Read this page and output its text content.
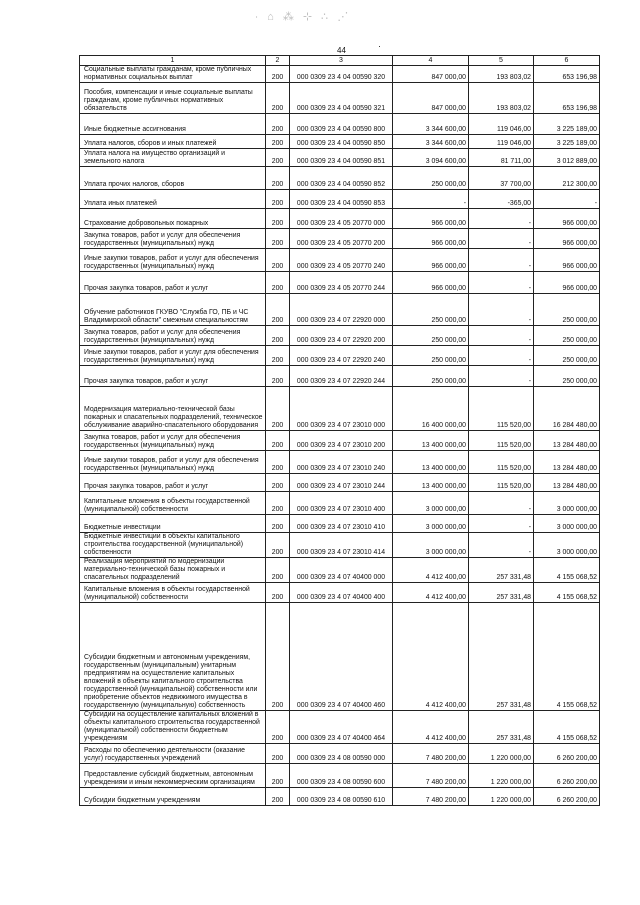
∙ ⌂ ⁂ ⊹ ∴ ⋰
44	·
1	2	3	4	5	6
Социальные выплаты гражданам, кроме публичных нормативных социальных выплат	200	000 0309 23 4 04 00590 320	847 000,00	193 803,02	653 196,98
Пособия, компенсации и иные социальные выплаты гражданам, кроме публичных нормативных обязательств	200	000 0309 23 4 04 00590 321	847 000,00	193 803,02	653 196,98
Иные бюджетные ассигнования	200	000 0309 23 4 04 00590 800	3 344 600,00	119 046,00	3 225 189,00
Уплата налогов, сборов и иных платежей	200	000 0309 23 4 04 00590 850	3 344 600,00	119 046,00	3 225 189,00
Уплата налога на имущество организаций и земельного налога	200	000 0309 23 4 04 00590 851	3 094 600,00	81 711,00	3 012 889,00
Уплата прочих налогов, сборов	200	000 0309 23 4 04 00590 852	250 000,00	37 700,00	212 300,00
Уплата иных платежей	200	000 0309 23 4 04 00590 853	-	-365,00	-
Страхование добровольных пожарных	200	000 0309 23 4 05 20770 000	966 000,00	-	966 000,00
Закупка товаров, работ и услуг для обеспечения государственных (муниципальных) нужд	200	000 0309 23 4 05 20770 200	966 000,00	-	966 000,00
Иные закупки товаров, работ и услуг для обеспечения государственных (муниципальных) нужд	200	000 0309 23 4 05 20770 240	966 000,00	-	966 000,00
Прочая закупка товаров, работ и услуг	200	000 0309 23 4 05 20770 244	966 000,00	-	966 000,00
Обучение работников ГКУВО "Служба ГО, ПБ и ЧС Владимирской области" смежным специальностям	200	000 0309 23 4 07 22920 000	250 000,00	-	250 000,00
Закупка товаров, работ и услуг для обеспечения государственных (муниципальных) нужд	200	000 0309 23 4 07 22920 200	250 000,00	-	250 000,00
Иные закупки товаров, работ и услуг для обеспечения государственных (муниципальных) нужд	200	000 0309 23 4 07 22920 240	250 000,00	-	250 000,00
Прочая закупка товаров, работ и услуг	200	000 0309 23 4 07 22920 244	250 000,00	-	250 000,00
Модернизация материально-технической базы пожарных и спасательных подразделений, техническое обслуживание аварийно-спасательного оборудования	200	000 0309 23 4 07 23010 000	16 400 000,00	115 520,00	16 284 480,00
Закупка товаров, работ и услуг для обеспечения государственных (муниципальных) нужд	200	000 0309 23 4 07 23010 200	13 400 000,00	115 520,00	13 284 480,00
Иные закупки товаров, работ и услуг для обеспечения государственных (муниципальных) нужд	200	000 0309 23 4 07 23010 240	13 400 000,00	115 520,00	13 284 480,00
Прочая закупка товаров, работ и услуг	200	000 0309 23 4 07 23010 244	13 400 000,00	115 520,00	13 284 480,00
Капитальные вложения в объекты государственной (муниципальной) собственности	200	000 0309 23 4 07 23010 400	3 000 000,00	-	3 000 000,00
Бюджетные инвестиции	200	000 0309 23 4 07 23010 410	3 000 000,00	-	3 000 000,00
Бюджетные инвестиции в объекты капитального строительства государственной (муниципальной) собственности	200	000 0309 23 4 07 23010 414	3 000 000,00	-	3 000 000,00
Реализация мероприятий по модернизации материально-технической базы пожарных и спасательных подразделений	200	000 0309 23 4 07 40400 000	4 412 400,00	257 331,48	4 155 068,52
Капитальные вложения в объекты государственной (муниципальной) собственности	200	000 0309 23 4 07 40400 400	4 412 400,00	257 331,48	4 155 068,52
Субсидии бюджетным и автономным учреждениям, государственным (муниципальным) унитарным предприятиям на осуществление капитальных вложений в объекты капитального строительства государственной (муниципальной) собственности или приобретение объектов недвижимого имущества в государственную (муниципальную) собственность	200	000 0309 23 4 07 40400 460	4 412 400,00	257 331,48	4 155 068,52
Субсидии на осуществление капитальных вложений в объекты капитального строительства государственной (муниципальной) собственности бюджетным учреждениям	200	000 0309 23 4 07 40400 464	4 412 400,00	257 331,48	4 155 068,52
Расходы по обеспечению деятельности (оказание услуг) государственных учреждений	200	000 0309 23 4 08 00590 000	7 480 200,00	1 220 000,00	6 260 200,00
Предоставление субсидий бюджетным, автономным учреждениям и иным некоммерческим организациям	200	000 0309 23 4 08 00590 600	7 480 200,00	1 220 000,00	6 260 200,00
Субсидии бюджетным учреждениям	200	000 0309 23 4 08 00590 610	7 480 200,00	1 220 000,00	6 260 200,00
